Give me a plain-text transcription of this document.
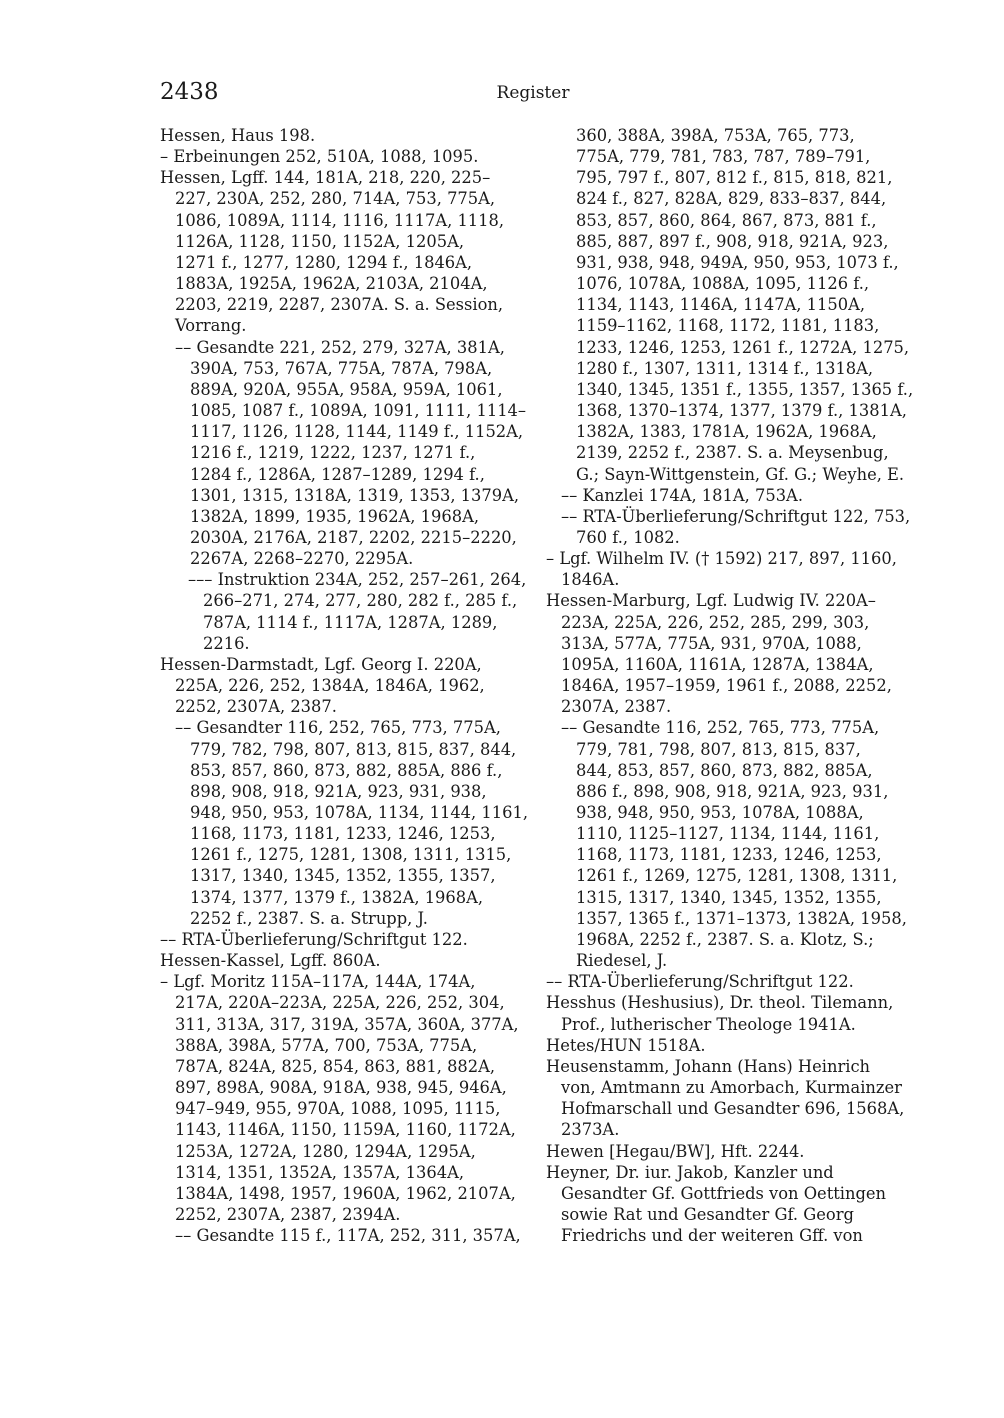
2438	Register
Hessen, Haus 198.
– Erbeinungen 252, 510A, 1088, 1095.
Hessen, Lgff. 144, 181A, 218, 220, 225–
227, 230A, 252, 280, 714A, 753, 775A,
1086, 1089A, 1114, 1116, 1117A, 1118,
1126A, 1128, 1150, 1152A, 1205A,
1271 f., 1277, 1280, 1294 f., 1846A,
1883A, 1925A, 1962A, 2103A, 2104A,
2203, 2219, 2287, 2307A. S. a. Session,
Vorrang.
–– Gesandte 221, 252, 279, 327A, 381A,
390A, 753, 767A, 775A, 787A, 798A,
889A, 920A, 955A, 958A, 959A, 1061,
1085, 1087 f., 1089A, 1091, 1111, 1114–
1117, 1126, 1128, 1144, 1149 f., 1152A,
1216 f., 1219, 1222, 1237, 1271 f.,
1284 f., 1286A, 1287–1289, 1294 f.,
1301, 1315, 1318A, 1319, 1353, 1379A,
1382A, 1899, 1935, 1962A, 1968A,
2030A, 2176A, 2187, 2202, 2215–2220,
2267A, 2268–2270, 2295A.
––– Instruktion 234A, 252, 257–261, 264,
266–271, 274, 277, 280, 282 f., 285 f.,
787A, 1114 f., 1117A, 1287A, 1289,
2216.
Hessen-Darmstadt, Lgf. Georg I. 220A,
225A, 226, 252, 1384A, 1846A, 1962,
2252, 2307A, 2387.
–– Gesandter 116, 252, 765, 773, 775A,
779, 782, 798, 807, 813, 815, 837, 844,
853, 857, 860, 873, 882, 885A, 886 f.,
898, 908, 918, 921A, 923, 931, 938,
948, 950, 953, 1078A, 1134, 1144, 1161,
1168, 1173, 1181, 1233, 1246, 1253,
1261 f., 1275, 1281, 1308, 1311, 1315,
1317, 1340, 1345, 1352, 1355, 1357,
1374, 1377, 1379 f., 1382A, 1968A,
2252 f., 2387. S. a. Strupp, J.
–– RTA-Überlieferung/Schriftgut 122.
Hessen-Kassel, Lgff. 860A.
– Lgf. Moritz 115A–117A, 144A, 174A,
217A, 220A–223A, 225A, 226, 252, 304,
311, 313A, 317, 319A, 357A, 360A, 377A,
388A, 398A, 577A, 700, 753A, 775A,
787A, 824A, 825, 854, 863, 881, 882A,
897, 898A, 908A, 918A, 938, 945, 946A,
947–949, 955, 970A, 1088, 1095, 1115,
1143, 1146A, 1150, 1159A, 1160, 1172A,
1253A, 1272A, 1280, 1294A, 1295A,
1314, 1351, 1352A, 1357A, 1364A,
1384A, 1498, 1957, 1960A, 1962, 2107A,
2252, 2307A, 2387, 2394A.
–– Gesandte 115 f., 117A, 252, 311, 357A,
360, 388A, 398A, 753A, 765, 773,
775A, 779, 781, 783, 787, 789–791,
795, 797 f., 807, 812 f., 815, 818, 821,
824 f., 827, 828A, 829, 833–837, 844,
853, 857, 860, 864, 867, 873, 881 f.,
885, 887, 897 f., 908, 918, 921A, 923,
931, 938, 948, 949A, 950, 953, 1073 f.,
1076, 1078A, 1088A, 1095, 1126 f.,
1134, 1143, 1146A, 1147A, 1150A,
1159–1162, 1168, 1172, 1181, 1183,
1233, 1246, 1253, 1261 f., 1272A, 1275,
1280 f., 1307, 1311, 1314 f., 1318A,
1340, 1345, 1351 f., 1355, 1357, 1365 f.,
1368, 1370–1374, 1377, 1379 f., 1381A,
1382A, 1383, 1781A, 1962A, 1968A,
2139, 2252 f., 2387. S. a. Meysenbug,
G.; Sayn-Wittgenstein, Gf. G.; Weyhe, E.
–– Kanzlei 174A, 181A, 753A.
–– RTA-Überlieferung/Schriftgut 122, 753,
760 f., 1082.
– Lgf. Wilhelm IV. († 1592) 217, 897, 1160,
1846A.
Hessen-Marburg, Lgf. Ludwig IV. 220A–
223A, 225A, 226, 252, 285, 299, 303,
313A, 577A, 775A, 931, 970A, 1088,
1095A, 1160A, 1161A, 1287A, 1384A,
1846A, 1957–1959, 1961 f., 2088, 2252,
2307A, 2387.
–– Gesandte 116, 252, 765, 773, 775A,
779, 781, 798, 807, 813, 815, 837,
844, 853, 857, 860, 873, 882, 885A,
886 f., 898, 908, 918, 921A, 923, 931,
938, 948, 950, 953, 1078A, 1088A,
1110, 1125–1127, 1134, 1144, 1161,
1168, 1173, 1181, 1233, 1246, 1253,
1261 f., 1269, 1275, 1281, 1308, 1311,
1315, 1317, 1340, 1345, 1352, 1355,
1357, 1365 f., 1371–1373, 1382A, 1958,
1968A, 2252 f., 2387. S. a. Klotz, S.;
Riedesel, J.
–– RTA-Überlieferung/Schriftgut 122.
Hesshus (Heshusius), Dr. theol. Tilemann,
Prof., lutherischer Theologe 1941A.
Hetes/HUN 1518A.
Heusenstamm, Johann (Hans) Heinrich
von, Amtmann zu Amorbach, Kurmainzer
Hofmarschall und Gesandter 696, 1568A,
2373A.
Hewen [Hegau/BW], Hft. 2244.
Heyner, Dr. iur. Jakob, Kanzler und
Gesandter Gf. Gottfrieds von Oettingen
sowie Rat und Gesandter Gf. Georg
Friedrichs und der weiteren Gff. von
